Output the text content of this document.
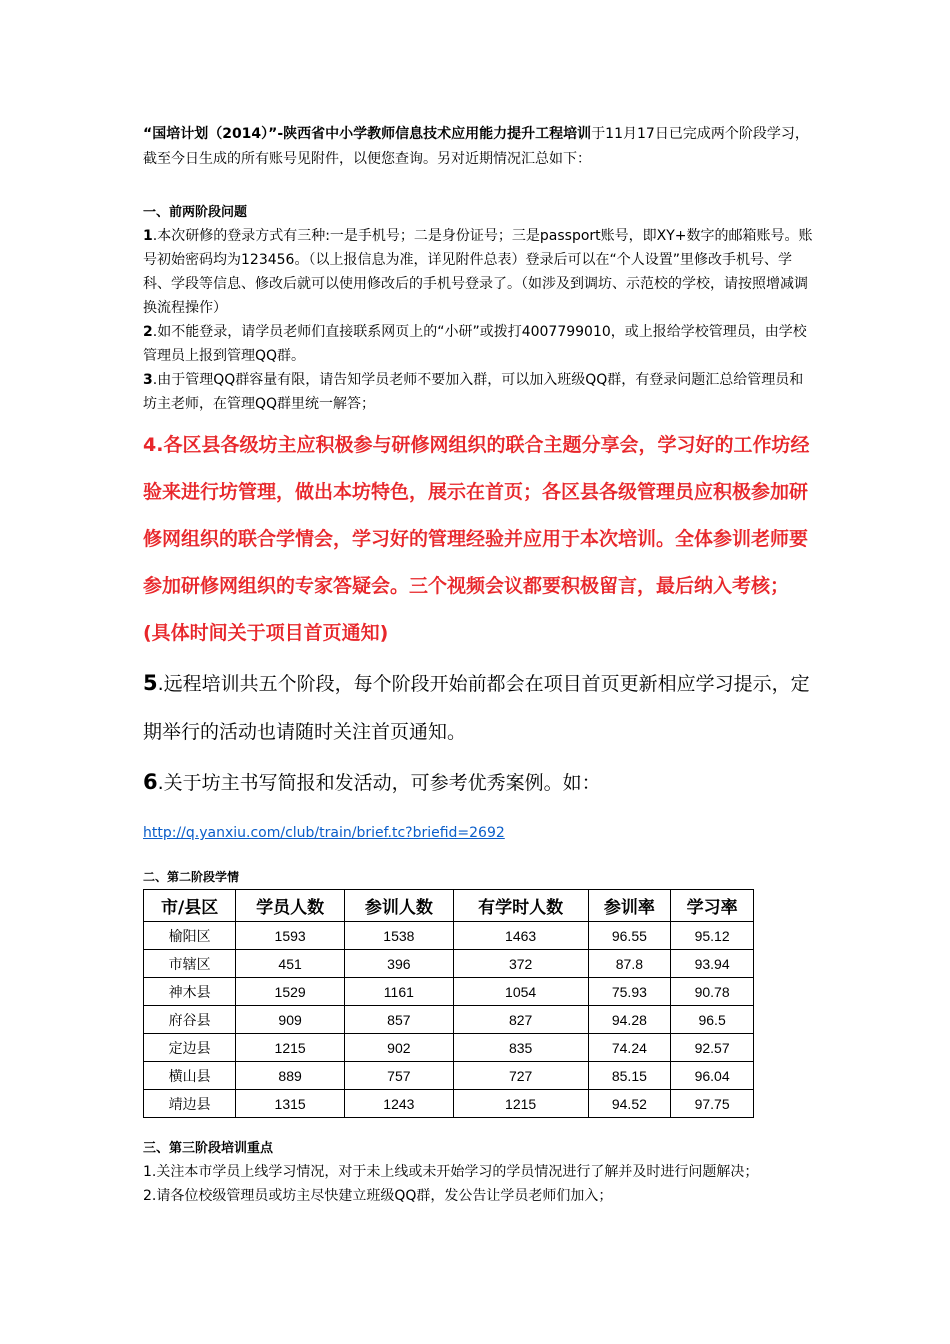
“国培计划（2014）”-陕西省中小学教师信息技术应用能力提升工程培训于11月17日已完成两个阶段学习，截至今日生成的所有账号见附件，以便您查询。另对近期情况汇总如下：

一、前两阶段问题

1.本次研修的登录方式有三种:一是手机号；二是身份证号；三是passport账号，即XY+数字的邮箱账号。账号初始密码均为123456。（以上报信息为准，详见附件总表）登录后可以在“个人设置”里修改手机号、学科、学段等信息、修改后就可以使用修改后的手机号登录了。（如涉及到调坊、示范校的学校，请按照增减调换流程操作）

2.如不能登录，请学员老师们直接联系网页上的“小研”或拨打4007799010，或上报给学校管理员，由学校管理员上报到管理QQ群。

3.由于管理QQ群容量有限，请告知学员老师不要加入群，可以加入班级QQ群，有登录问题汇总给管理员和坊主老师，在管理QQ群里统一解答；

4.各区县各级坊主应积极参与研修网组织的联合主题分享会，学习好的工作坊经验来进行坊管理，做出本坊特色，展示在首页；各区县各级管理员应积极参加研修网组织的联合学情会，学习好的管理经验并应用于本次培训。全体参训老师要参加研修网组织的专家答疑会。三个视频会议都要积极留言，最后纳入考核；(具体时间关于项目首页通知)

5.远程培训共五个阶段，每个阶段开始前都会在项目首页更新相应学习提示，定期举行的活动也请随时关注首页通知。

6.关于坊主书写简报和发活动，可参考优秀案例。如：http://q.yanxiu.com/club/train/brief.tc?briefid=2692

二、第二阶段学情

市/县区	学员人数	参训人数	有学时人数	参训率	学习率
榆阳区	1593	1538	1463	96.55	95.12
市辖区	451	396	372	87.8	93.94
神木县	1529	1161	1054	75.93	90.78
府谷县	909	857	827	94.28	96.5
定边县	1215	902	835	74.24	92.57
横山县	889	757	727	85.15	96.04
靖边县	1315	1243	1215	94.52	97.75

三、第三阶段培训重点

1.关注本市学员上线学习情况，对于未上线或未开始学习的学员情况进行了解并及时进行问题解决；

2.请各位校级管理员或坊主尽快建立班级QQ群，发公告让学员老师们加入；
